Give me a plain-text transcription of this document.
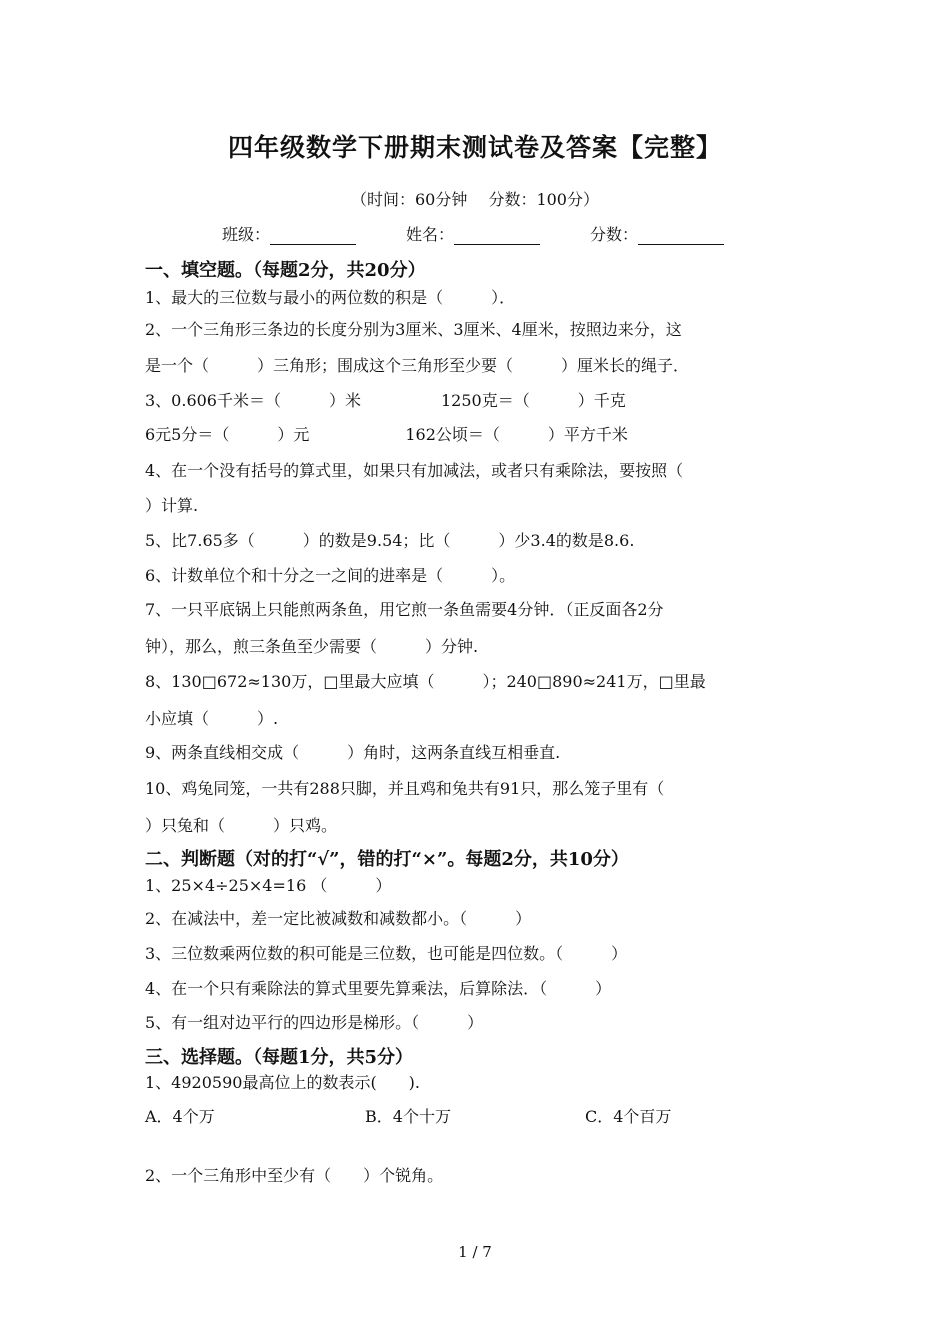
四年级数学下册期末测试卷及答案【完整】
（时间：60分钟　 分数：100分）
班级：	姓名：	分数：
一、填空题。（每题2分，共20分）
1、最大的三位数与最小的两位数的积是（　　　）．
2、一个三角形三条边的长度分别为3厘米、3厘米、4厘米，按照边来分，这
是一个（　　　）三角形；围成这个三角形至少要（　　　）厘米长的绳子．
3、0.606千米＝（　　　）米　　　　　1250克＝（　　　）千克
6元5分＝（　　　）元　　　　　　162公顷＝（　　　）平方千米
4、在一个没有括号的算式里，如果只有加减法，或者只有乘除法，要按照（
）计算.
5、比7.65多（　　　）的数是9.54；比（　　　）少3.4的数是8.6.
6、计数单位个和十分之一之间的进率是（　　　）。
7、一只平底锅上只能煎两条鱼，用它煎一条鱼需要4分钟．（正反面各2分
钟），那么，煎三条鱼至少需要（　　　）分钟.
8、130□672≈130万，□里最大应填（　　　）；240□890≈241万，□里最
小应填（　　　）.
9、两条直线相交成（　　　）角时，这两条直线互相垂直.
10、鸡兔同笼，一共有288只脚，并且鸡和兔共有91只，那么笼子里有（
）只兔和（　　　）只鸡。
二、判断题（对的打“√”，错的打“×”。每题2分，共10分）
1、25×4÷25×4=16 （　　　）
2、在减法中，差一定比被减数和减数都小。（　　　）
3、三位数乘两位数的积可能是三位数，也可能是四位数。（　　　）
4、在一个只有乘除法的算式里要先算乘法，后算除法．（　　　）
5、有一组对边平行的四边形是梯形。（　　　）
三、选择题。（每题1分，共5分）
1、4920590最高位上的数表示(　　).
A．4个万	B．4个十万	C．4个百万
2、一个三角形中至少有（　　）个锐角。
1 / 7
